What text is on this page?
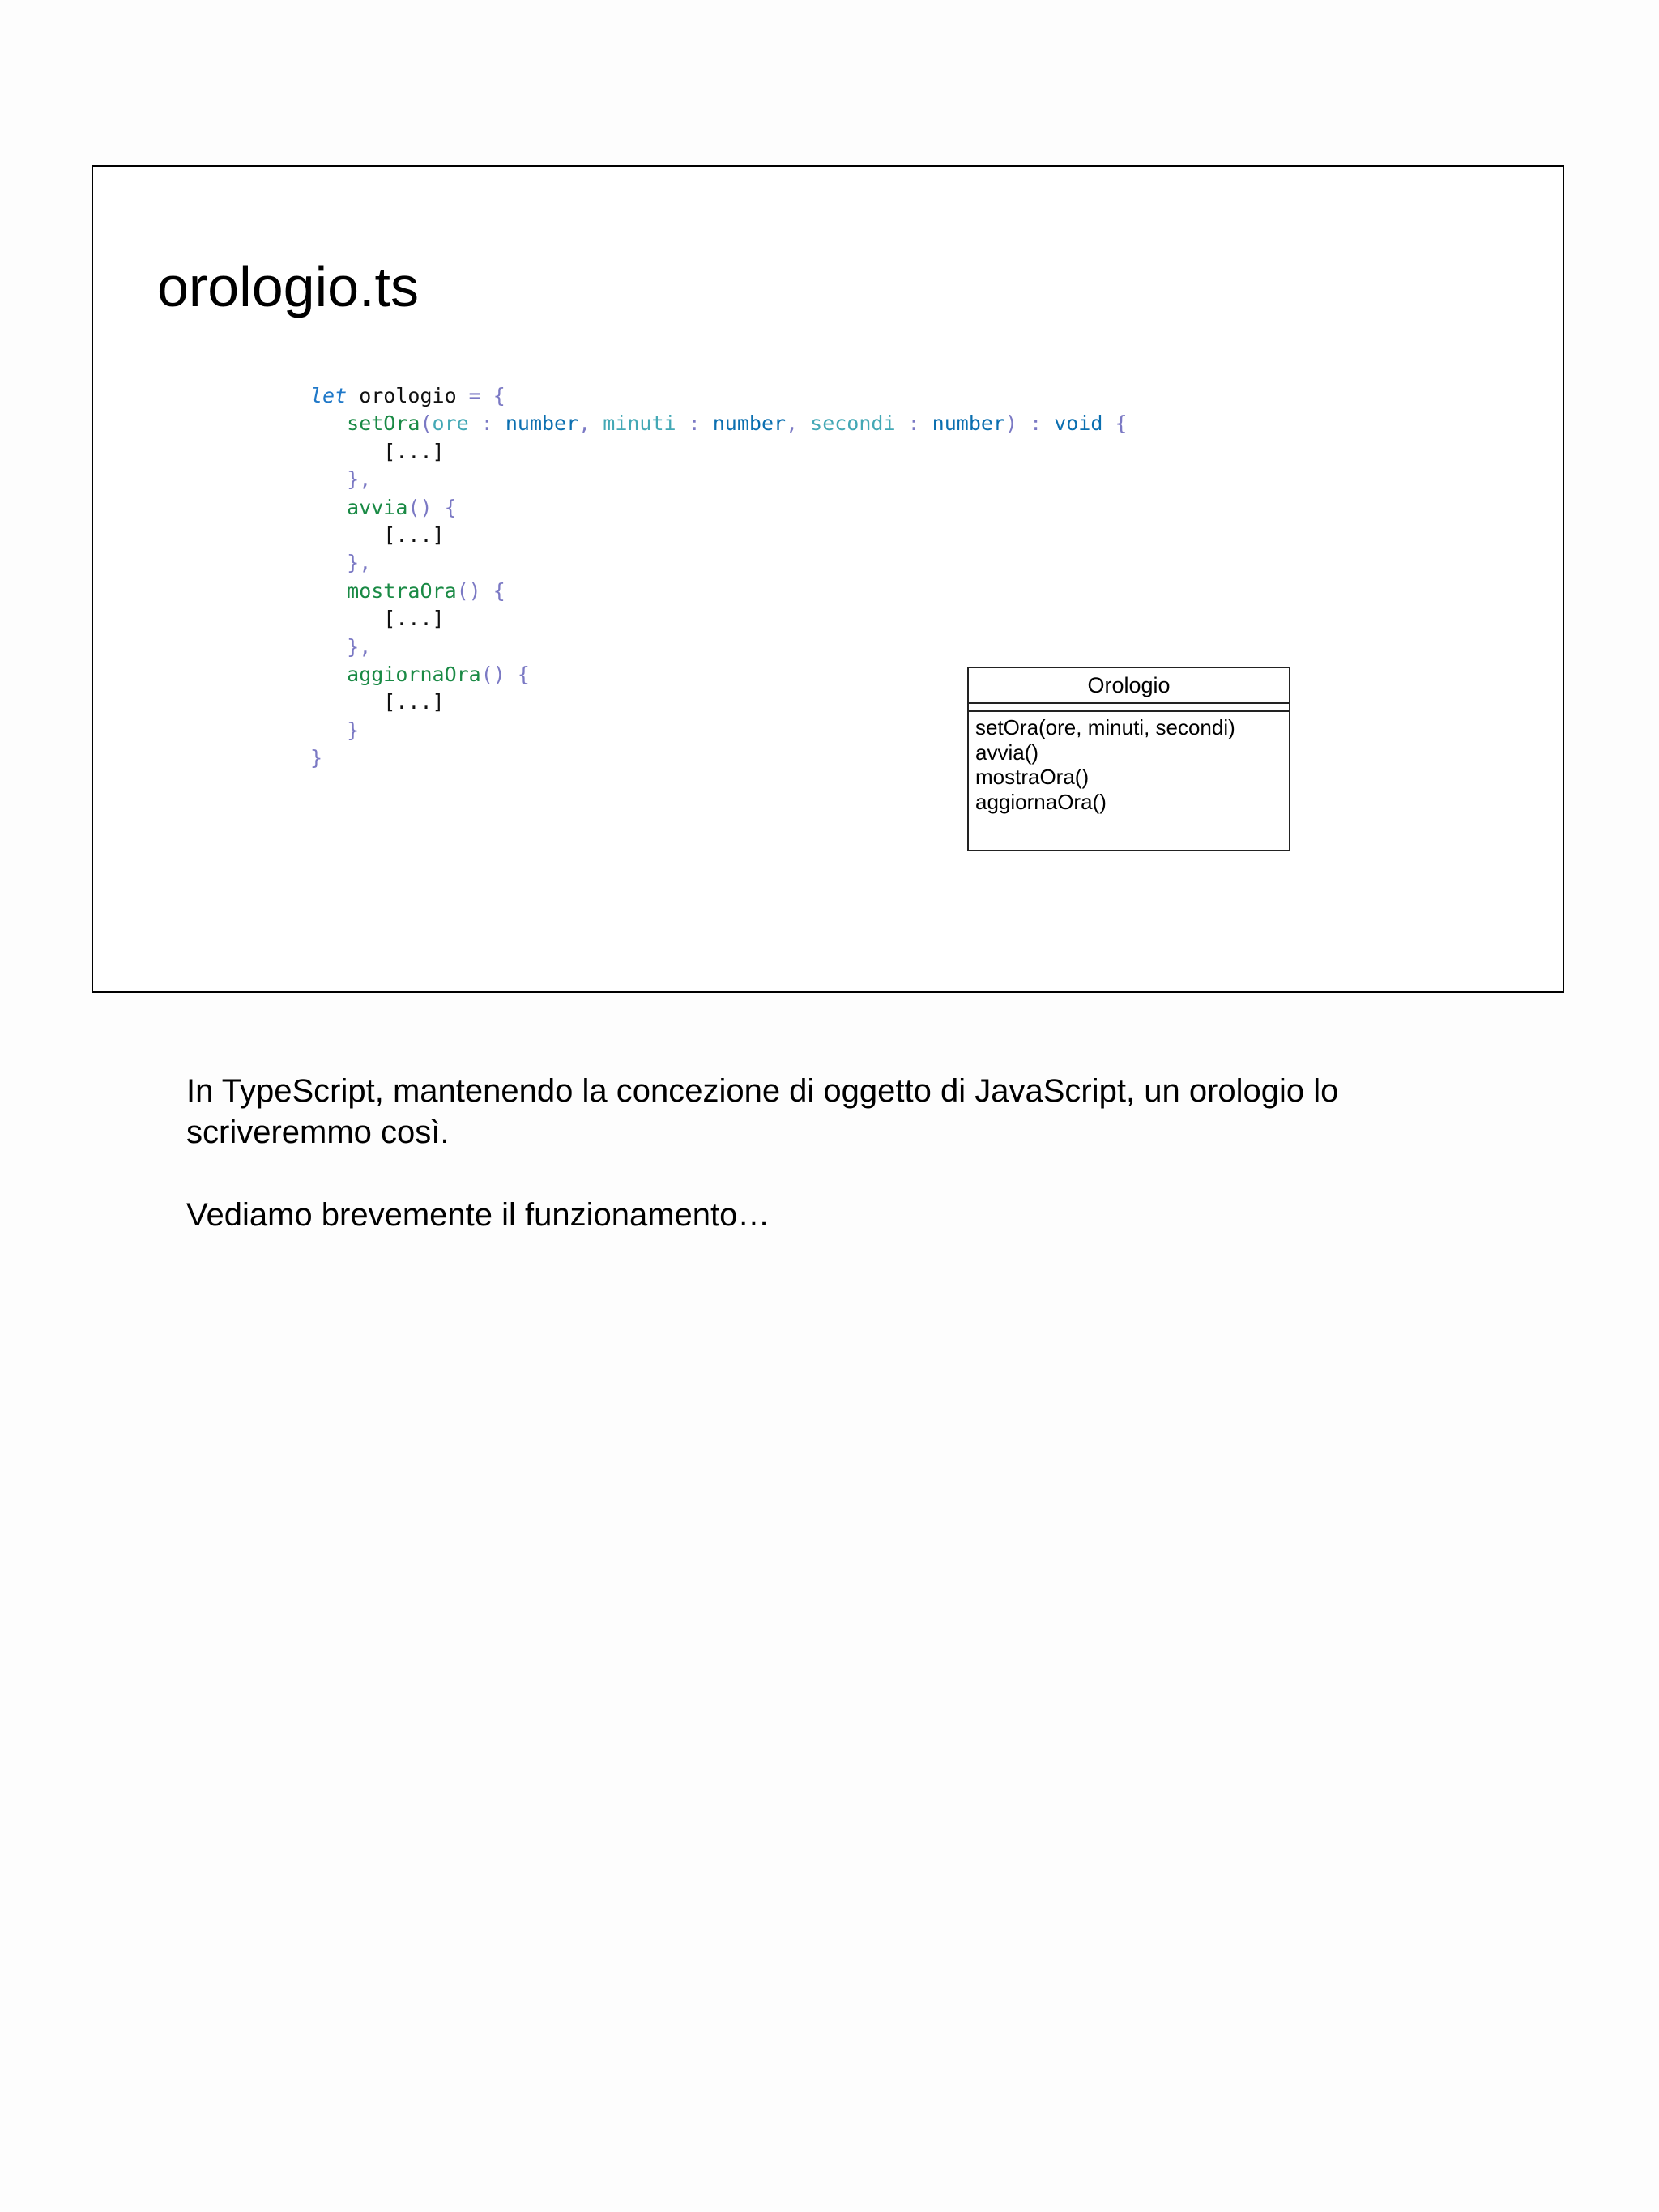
orologio.ts
let orologio = {
setOra(ore : number, minuti : number, secondi : number) : void {
[...]
},
avvia() {
[...]
},
mostraOra() {
[...]
},
aggiornaOra() {
[...]
}
}
Orologio
setOra(ore, minuti, secondi)
avvia()
mostraOra()
aggiornaOra()

In TypeScript, mantenendo la concezione di oggetto di JavaScript, un orologio lo scriveremmo così.

Vediamo brevemente il funzionamento…
